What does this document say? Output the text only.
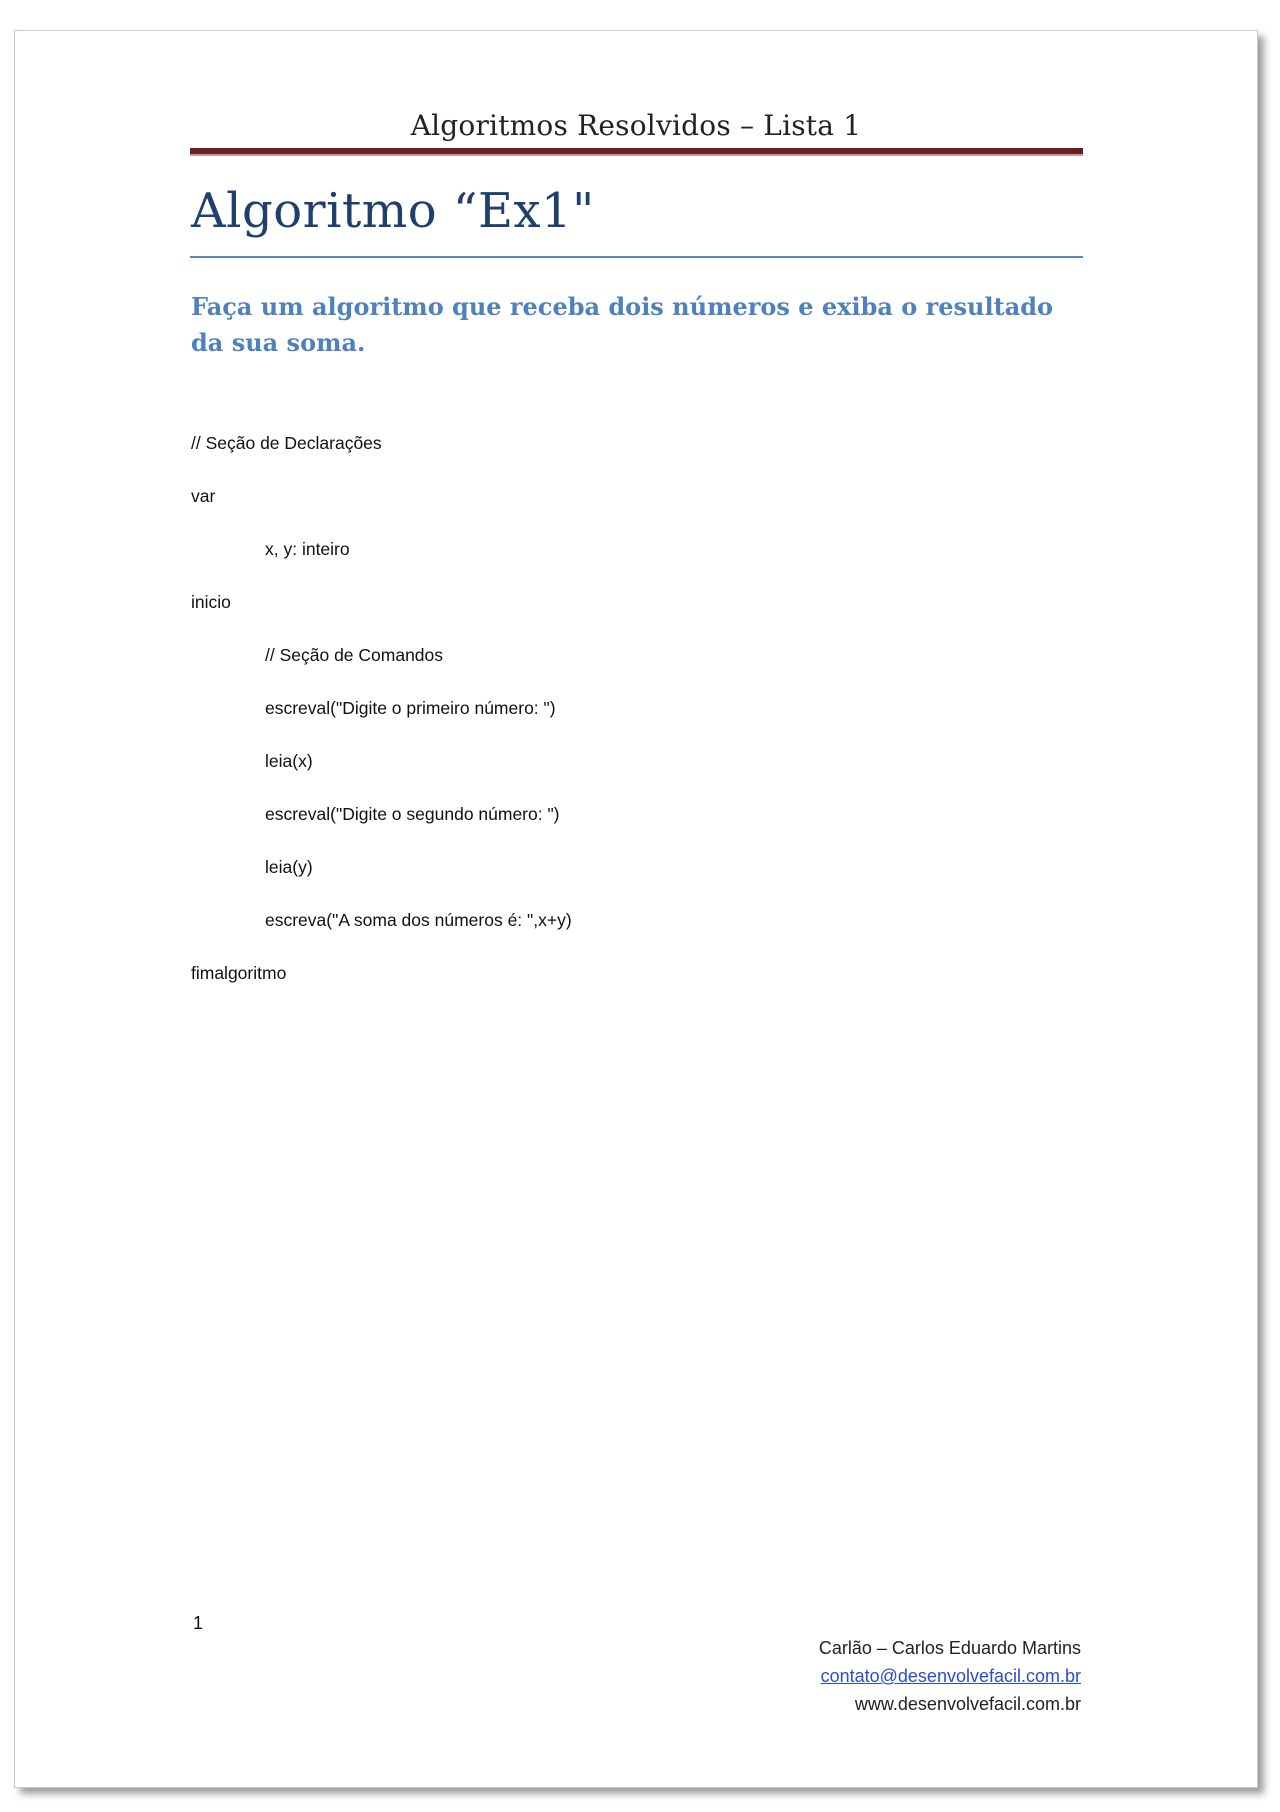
Algoritmos Resolvidos – Lista 1
Algoritmo “Ex1"
Faça um algoritmo que receba dois números e exiba o resultado da sua soma.
// Seção de Declarações
var
x, y: inteiro
inicio
// Seção de Comandos
escreval("Digite o primeiro número: ")
leia(x)
escreval("Digite o segundo número: ")
leia(y)
escreva("A soma dos números é: ",x+y)
fimalgoritmo
1
Carlão – Carlos Eduardo Martins
contato@desenvolvefacil.com.br
www.desenvolvefacil.com.br
